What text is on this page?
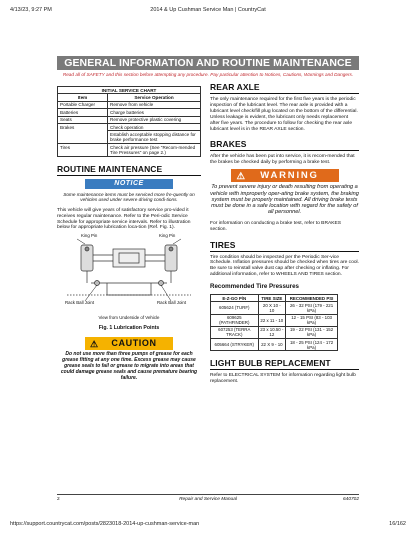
4/13/23, 9:27 PM	2014 & Up Cushman Service Man | CountryCat
GENERAL INFORMATION AND ROUTINE MAINTENANCE
Read all of SAFETY and this section before attempting any procedure. Pay particular attention to Notices, Cautions, Warnings and Dangers.
INITIAL SERVICE CHART	
Item	Service Operation
Portable Charger	Remove from vehicle
Batteries	Charge batteries
Seats	Remove protective plastic covering
Brakes	Check operation
	Establish acceptable stopping distance for brake performance test
Tires	Check air pressure (See "Recom-mended Tire Pressures" on page 2.)
ROUTINE MAINTENANCE
NOTICE
Some maintenance items must be serviced more fre-quently on vehicles used under severe driving condi-tions.
This vehicle will give years of satisfactory service pro-vided it receives regular maintenance. Refer to the Peri-odic Service Schedule for appropriate service intervals. Refer to illustration below for appropriate lubrication loca-tion (Ref. Fig. 1).
King Pin	King Pin
Rack Ball Joint	Rack Ball Joint
View from Underside of Vehicle
Fig. 1 Lubrication Points
⚠ CAUTION
Do not use more than three pumps of grease for each grease fitting at any one time. Excess grease may cause grease seals to fail or grease to migrate into areas that could damage grease seals and cause premature bearing failure.
REAR AXLE
The only maintenance required for the first five years is the periodic inspection of the lubricant level. The rear axle is provided with a lubricant level check/fill plug located on the bottom of the differential. Unless leakage is evident, the lubricant only needs replacement after five years. The procedure to follow for checking the rear axle lubricant level is in the REAR AXLE section.
BRAKES
After the vehicle has been put into service, it is recom-mended that the brakes be checked daily by performing a brake test.
⚠ WARNING
To prevent severe injury or death resulting from operating a vehicle with improperly oper-ating brake system, the braking system must be properly maintained. All driving brake tests must be done in a safe location with regard for the safety of all personnel.
For information on conducting a brake test, refer to BRAKES section.
TIRES
Tire condition should be inspected per the Periodic Ser-vice Schedule. Inflation pressures should be checked when tires are cool. Be sure to reinstall valve dust cap after checking or inflating. For additional information, refer to WHEELS AND TIRES section.
Recommended Tire Pressures
E-Z-GO P/N	TIRE SIZE	RECOMMENDED PSI
605624 (TURF)	20 X 10 - 10	26 - 32 PSI (179 - 221 kPa)
609625 (PATHFINDER)	22 x 11 - 10	12 - 15 PSI (83 - 103 kPa)
607253 (TERRA TRACK)	23 x 10.50 - 12	19 - 22 PSI (131 - 152 kPa)
605664 (STRYKER)	22 X 9 - 10	18 - 25 PSI (124 - 172 kPa)
LIGHT BULB REPLACEMENT
Refer to ELECTRICAL SYSTEM for information regarding light bulb replacement.
2	Repair and Service Manual	640702
https://support.countrycat.com/posts/2823018-2014-up-cushman-service-man	16/162
